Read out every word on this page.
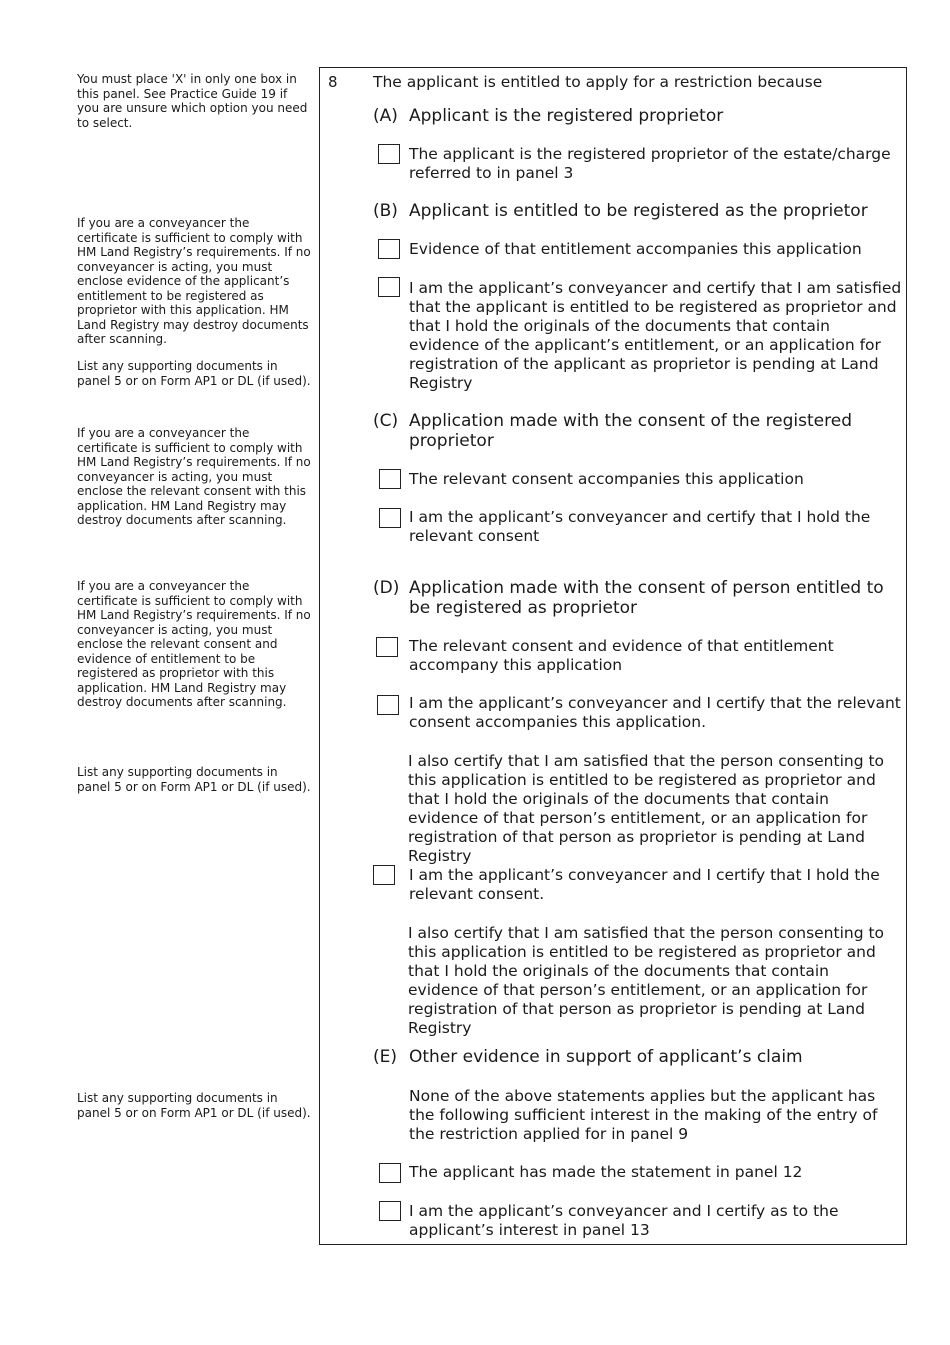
You must place 'X' in only one box in this panel. See Practice Guide 19 if you are unsure which option you need to select.
If you are a conveyancer the certificate is sufficient to comply with HM Land Registry’s requirements. If no conveyancer is acting, you must enclose evidence of the applicant’s entitlement to be registered as proprietor with this application. HM Land Registry may destroy documents after scanning.
List any supporting documents in panel 5 or on Form AP1 or DL (if used).
If you are a conveyancer the certificate is sufficient to comply with HM Land Registry’s requirements. If no conveyancer is acting, you must enclose the relevant consent with this application. HM Land Registry may destroy documents after scanning.
If you are a conveyancer the certificate is sufficient to comply with HM Land Registry’s requirements. If no conveyancer is acting, you must enclose the relevant consent and evidence of entitlement to be registered as proprietor with this application. HM Land Registry may destroy documents after scanning.
List any supporting documents in panel 5 or on Form AP1 or DL (if used).
List any supporting documents in panel 5 or on Form AP1 or DL (if used).
8 The applicant is entitled to apply for a restriction because
(A) Applicant is the registered proprietor
The applicant is the registered proprietor of the estate/charge referred to in panel 3
(B) Applicant is entitled to be registered as the proprietor
Evidence of that entitlement accompanies this application
I am the applicant’s conveyancer and certify that I am satisfied that the applicant is entitled to be registered as proprietor and that I hold the originals of the documents that contain evidence of the applicant’s entitlement, or an application for registration of the applicant as proprietor is pending at Land Registry
(C) Application made with the consent of the registered proprietor
The relevant consent accompanies this application
I am the applicant’s conveyancer and certify that I hold the relevant consent
(D) Application made with the consent of person entitled to be registered as proprietor
The relevant consent and evidence of that entitlement accompany this application
I am the applicant’s conveyancer and I certify that the relevant consent accompanies this application.
I also certify that I am satisfied that the person consenting to this application is entitled to be registered as proprietor and that I hold the originals of the documents that contain evidence of that person’s entitlement, or an application for registration of that person as proprietor is pending at Land Registry
I am the applicant’s conveyancer and I certify that I hold the relevant consent.
I also certify that I am satisfied that the person consenting to this application is entitled to be registered as proprietor and that I hold the originals of the documents that contain evidence of that person’s entitlement, or an application for registration of that person as proprietor is pending at Land Registry
(E) Other evidence in support of applicant’s claim
None of the above statements applies but the applicant has the following sufficient interest in the making of the entry of the restriction applied for in panel 9
The applicant has made the statement in panel 12
I am the applicant’s conveyancer and I certify as to the applicant’s interest in panel 13
